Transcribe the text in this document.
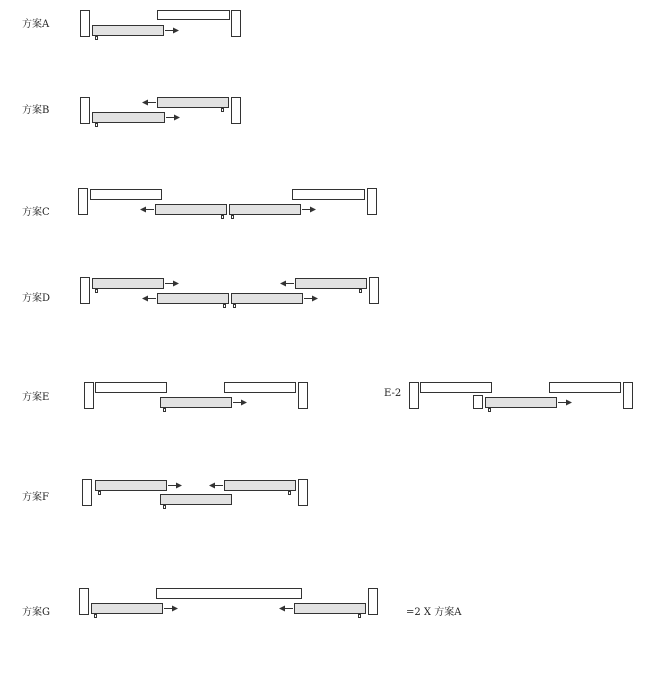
方案A
方案B
方案C
方案D
方案E	E-2
方案F
方案G	=2 X 方案A
